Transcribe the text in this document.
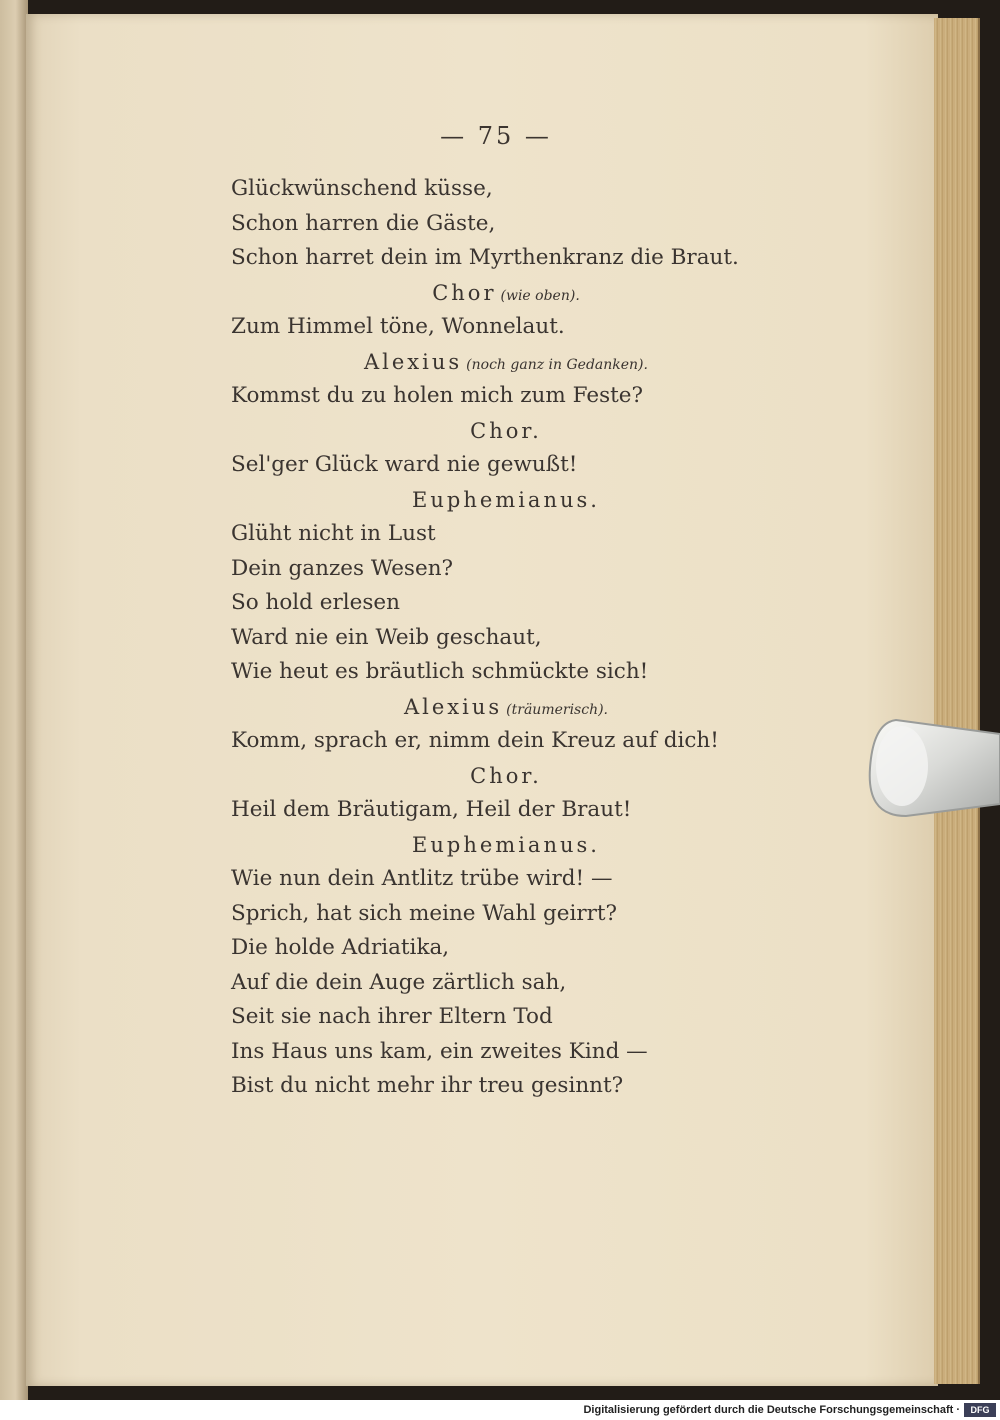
— 75 —
Glückwünschend küsse,
Schon harren die Gäste,
Schon harret dein im Myrthenkranz die Braut.
Chor (wie oben).
Zum Himmel töne, Wonnelaut.
Alexius (noch ganz in Gedanken).
Kommst du zu holen mich zum Feste?
Chor.
Sel'ger Glück ward nie gewußt!
Euphemianus.
Glüht nicht in Lust
Dein ganzes Wesen?
So hold erlesen
Ward nie ein Weib geschaut,
Wie heut es bräutlich schmückte sich!
Alexius (träumerisch).
Komm, sprach er, nimm dein Kreuz auf dich!
Chor.
Heil dem Bräutigam, Heil der Braut!
Euphemianus.
Wie nun dein Antlitz trübe wird! —
Sprich, hat sich meine Wahl geirrt?
Die holde Adriatika,
Auf die dein Auge zärtlich sah,
Seit sie nach ihrer Eltern Tod
Ins Haus uns kam, ein zweites Kind —
Bist du nicht mehr ihr treu gesinnt?
Digitalisierung gefördert durch die Deutsche Forschungsgemeinschaft ·	DFG
